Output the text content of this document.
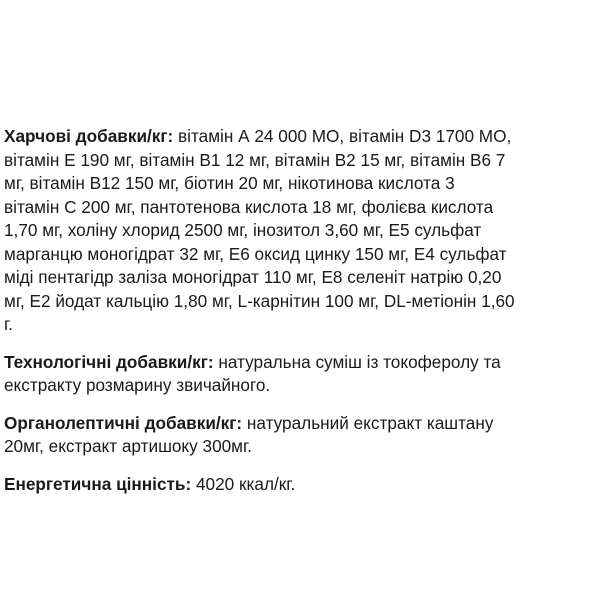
Харчові добавки/кг: вітамін А 24 000 МО, вітамін D3 1700 МО,
вітамін Е 190 мг, вітамін В1 12 мг, вітамін В2 15 мг, вітамін В6 7
мг, вітамін В12 150 мг, біотин 20 мг, нікотинова кислота 3
вітамін С 200 мг, пантотенова кислота 18 мг, фолієва кислота
1,70 мг, холіну хлорид 2500 мг, інозитол 3,60 мг, Е5 сульфат
марганцю моногідрат 32 мг, Е6 оксид цинку 150 мг, Е4 сульфат
міді пентагідр заліза моногідрат 110 мг, Е8 селеніт натрію 0,20
мг, Е2 йодат кальцію 1,80 мг, L-карнітин 100 мг, DL-метіонін 1,60
г.

Технологічні добавки/кг: натуральна суміш із токоферолу та
екстракту розмарину звичайного.

Органолептичні добавки/кг: натуральний екстракт каштану
20мг, екстракт артишоку 300мг.

Енергетична цінність: 4020 ккал/кг.
